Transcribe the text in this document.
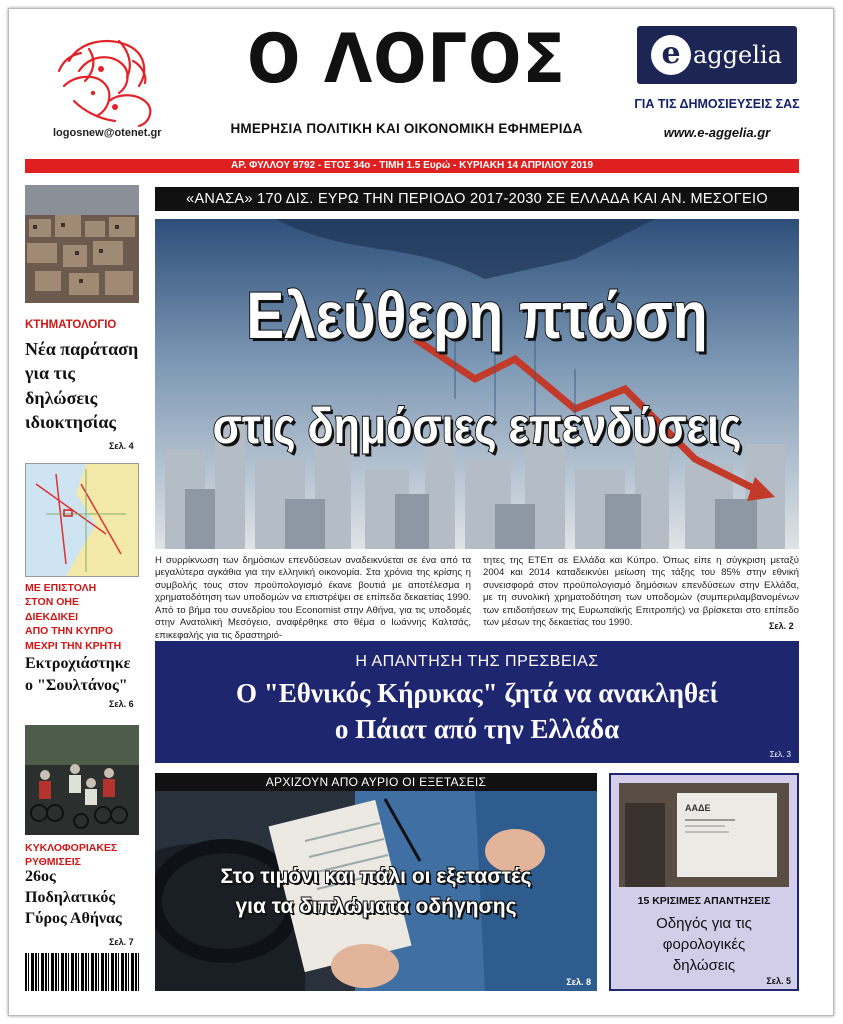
logosnew@otenet.gr
Ο ΛΟΓΟΣ
ΗΜΕΡΗΣΙΑ ΠΟΛΙΤΙΚΗ ΚΑΙ ΟΙΚΟΝΟΜΙΚΗ ΕΦΗΜΕΡΙΔΑ
e aggelia
ΓΙΑ ΤΙΣ ΔΗΜΟΣΙΕΥΣΕΙΣ ΣΑΣ
www.e-aggelia.gr
ΑΡ. ΦΥΛΛΟΥ 9792 - ΕΤΟΣ 34ο - ΤΙΜΗ 1.5 Ευρώ - ΚΥΡΙΑΚΗ 14 ΑΠΡΙΛΙΟΥ 2019
ΚΤΗΜΑΤΟΛΟΓΙΟ
Νέα παράταση
για τις
δηλώσεις
ιδιοκτησίας
Σελ. 4
ΜΕ ΕΠΙΣΤΟΛΗ
ΣΤΟΝ ΟΗΕ
ΔΙΕΚΔΙΚΕΙ
ΑΠΟ ΤΗΝ ΚΥΠΡΟ
ΜΕΧΡΙ ΤΗΝ ΚΡΗΤΗ
Εκτροχιάστηκε
ο "Σουλτάνος"
Σελ. 6
ΚΥΚΛΟΦΟΡΙΑΚΕΣ
ΡΥΘΜΙΣΕΙΣ
26ος
Ποδηλατικός
Γύρος Αθήνας
Σελ. 7
«ΑΝΑΣΑ» 170 ΔΙΣ. ΕΥΡΩ ΤΗΝ ΠΕΡΙΟΔΟ 2017-2030 ΣΕ ΕΛΛΑΔΑ ΚΑΙ ΑΝ. ΜΕΣΟΓΕΙΟ
Ελεύθερη πτώση
στις δημόσιες επενδύσεις
Η συρρίκνωση των δημόσιων επενδύσεων αναδεικνύεται σε ένα από τα μεγαλύτερα αγκάθια για την ελληνική οικονομία. Στα χρόνια της κρίσης η συμβολής τους στον προϋπολογισμό έκανε βουτιά με αποτέλεσμα η χρηματοδότηση των υποδομών να επιστρέψει σε επίπεδα δεκαετίας 1990. Από το βήμα του συνεδρίου του Economist στην Αθήνα, για τις υποδομές στην Ανατολική Μεσόγειο, αναφέρθηκε στο θέμα ο Ιωάννης Καλτσάς, επικεφαλής για τις δραστηριό-
τητες της ΕΤΕπ σε Ελλάδα και Κύπρο. Όπως είπε η σύγκριση μεταξύ 2004 και 2014 καταδεικνύει μείωση της τάξης του 85% στην εθνική συνεισφορά στον προϋπολογισμό δημόσιων επενδύσεων στην Ελλάδα, με τη συνολική χρηματοδότηση των υποδομών (συμπεριλαμβανομένων των επιδοτήσεων της Ευρωπαϊκής Επιτροπής) να βρίσκεται στο επίπεδο των μέσων της δεκαετίας του 1990.	Σελ. 2
Η ΑΠΑΝΤΗΣΗ ΤΗΣ ΠΡΕΣΒΕΙΑΣ
Ο "Εθνικός Κήρυκας" ζητά να ανακληθεί
ο Πάιατ από την Ελλάδα
Σελ. 3
ΑΡΧΙΖΟΥΝ ΑΠΟ ΑΥΡΙΟ ΟΙ ΕΞΕΤΑΣΕΙΣ
Στο τιμόνι και πάλι οι εξεταστές
για τα διπλώματα οδήγησης
Σελ. 8
ΑΑΔΕ
15 ΚΡΙΣΙΜΕΣ ΑΠΑΝΤΗΣΕΙΣ
Οδηγός για τις
φορολογικές
δηλώσεις
Σελ. 5
